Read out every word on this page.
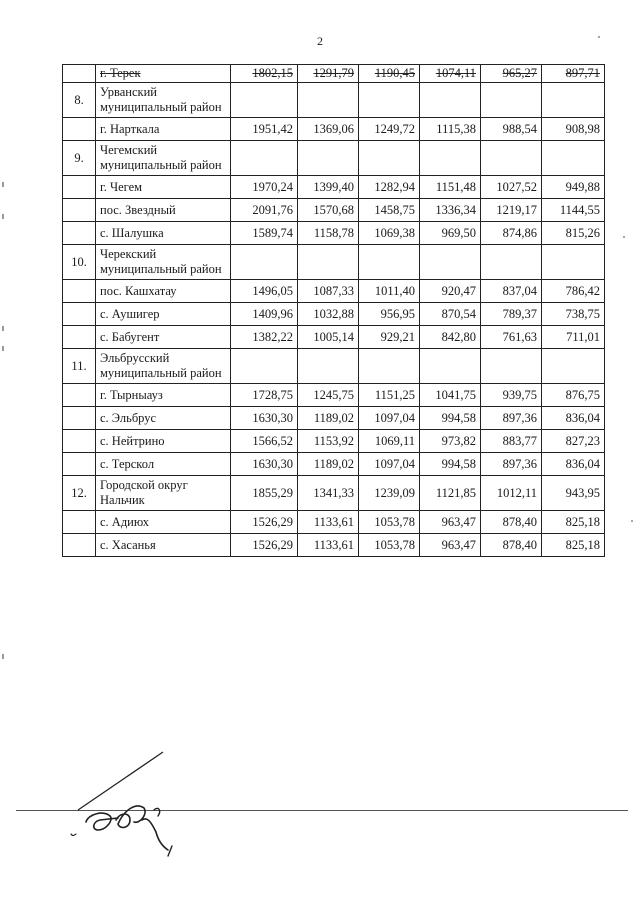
2
	г. Терек	1802,15	1291,79	1190,45	1074,11	965,27	897,71
8.	Урванский муниципальный район						
	г. Нарткала	1951,42	1369,06	1249,72	1115,38	988,54	908,98
9.	Чегемский муниципальный район						
	г. Чегем	1970,24	1399,40	1282,94	1151,48	1027,52	949,88
	пос. Звездный	2091,76	1570,68	1458,75	1336,34	1219,17	1144,55
	с. Шалушка	1589,74	1158,78	1069,38	969,50	874,86	815,26
10.	Черекский муниципальный район						
	пос. Кашхатау	1496,05	1087,33	1011,40	920,47	837,04	786,42
	с. Аушигер	1409,96	1032,88	956,95	870,54	789,37	738,75
	с. Бабугент	1382,22	1005,14	929,21	842,80	761,63	711,01
11.	Эльбрусский муниципальный район						
	г. Тырныауз	1728,75	1245,75	1151,25	1041,75	939,75	876,75
	с. Эльбрус	1630,30	1189,02	1097,04	994,58	897,36	836,04
	с. Нейтрино	1566,52	1153,92	1069,11	973,82	883,77	827,23
	с. Терскол	1630,30	1189,02	1097,04	994,58	897,36	836,04
12.	Городской округ Нальчик	1855,29	1341,33	1239,09	1121,85	1012,11	943,95
	с. Адиюх	1526,29	1133,61	1053,78	963,47	878,40	825,18
	с. Хасанья	1526,29	1133,61	1053,78	963,47	878,40	825,18
